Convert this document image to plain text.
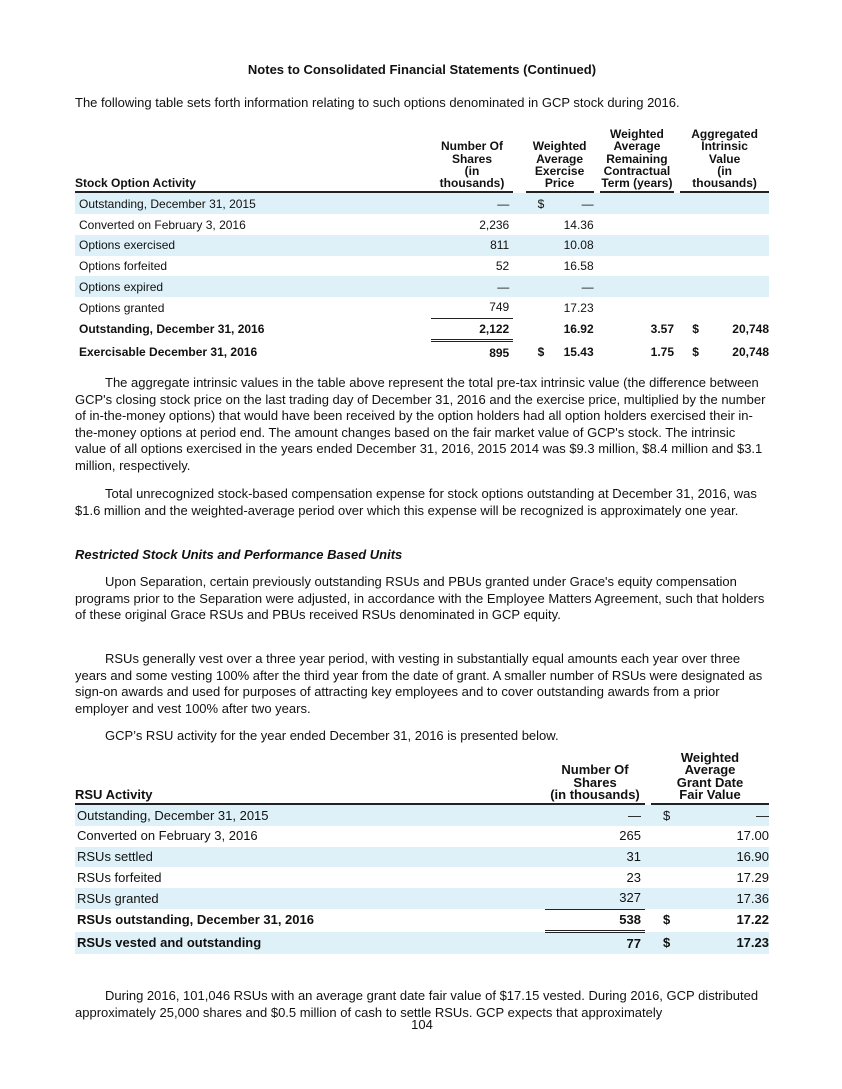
Notes to Consolidated Financial Statements (Continued)
The following table sets forth information relating to such options denominated in GCP stock during 2016.
Stock Option Activity	Number Of
Shares
(in
thousands)		Weighted
Average
Exercise
Price			Weighted
Average
Remaining
Contractual
Term (years)		Aggregated
Intrinsic
Value
(in
thousands)	
Outstanding, December 31, 2015	—		$	—					
Converted on February 3, 2016	2,236			14.36					
Options exercised	811			10.08					
Options forfeited	52			16.58					
Options expired	—			—					
Options granted	749			17.23					
Outstanding, December 31, 2016	2,122			16.92		3.57		$	20,748
Exercisable December 31, 2016	895		$	15.43		1.75		$	20,748
The aggregate intrinsic values in the table above represent the total pre-tax intrinsic value (the difference between GCP's closing stock price on the last trading day of December 31, 2016 and the exercise price, multiplied by the number of in-the-money options) that would have been received by the option holders had all option holders exercised their in-the-money options at period end. The amount changes based on the fair market value of GCP's stock. The intrinsic value of all options exercised in the years ended December 31, 2016, 2015 2014 was $9.3 million, $8.4 million and $3.1 million, respectively.
Total unrecognized stock-based compensation expense for stock options outstanding at December 31, 2016, was $1.6 million and the weighted-average period over which this expense will be recognized is approximately one year.
Restricted Stock Units and Performance Based Units
Upon Separation, certain previously outstanding RSUs and PBUs granted under Grace's equity compensation programs prior to the Separation were adjusted, in accordance with the Employee Matters Agreement, such that holders of these original Grace RSUs and PBUs received RSUs denominated in GCP equity.
RSUs generally vest over a three year period, with vesting in substantially equal amounts each year over three years and some vesting 100% after the third year from the date of grant. A smaller number of RSUs were designated as sign-on awards and used for purposes of attracting key employees and to cover outstanding awards from a prior employer and vest 100% after two years.
GCP’s RSU activity for the year ended December 31, 2016 is presented below.
RSU Activity	Number Of
Shares
(in thousands)		Weighted
Average
Grant Date
Fair Value	
Outstanding, December 31, 2015	—		$	—
Converted on February 3, 2016	265			17.00
RSUs settled	31			16.90
RSUs forfeited	23			17.29
RSUs granted	327			17.36
RSUs outstanding, December 31, 2016	538		$	17.22
RSUs vested and outstanding	77		$	17.23
During 2016, 101,046 RSUs with an average grant date fair value of $17.15 vested. During 2016, GCP distributed approximately 25,000 shares and $0.5 million of cash to settle RSUs. GCP expects that approximately
104
